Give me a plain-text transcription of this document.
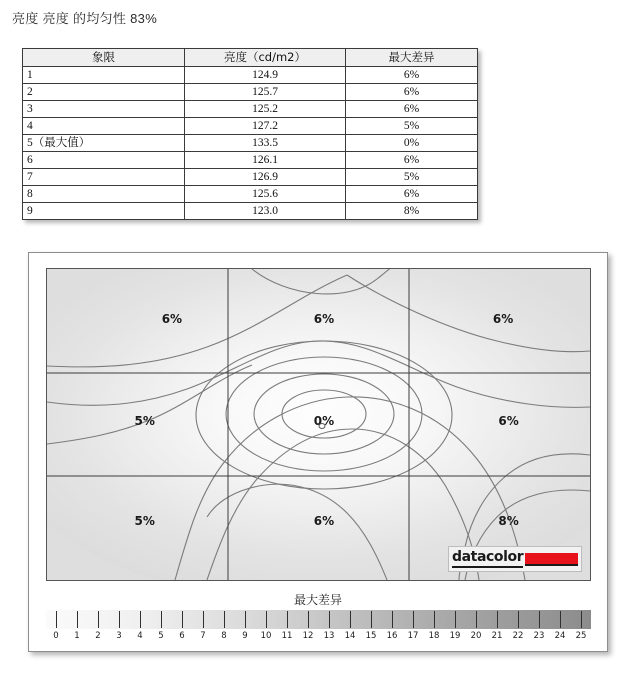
亮度 亮度 的均匀性 83%
象限	亮度（cd/m2）	最大差异
1	124.9	6%
2	125.7	6%
3	125.2	6%
4	127.2	5%
5（最大值）	133.5	0%
6	126.1	6%
7	126.9	5%
8	125.6	6%
9	123.0	8%
6%	6%	6%
5%	0%	6%
5%	6%	8%
datacolor
最大差异
0 1 2 3 4 5 6 7 8 9 10 11 12 13 14 15 16 17 18 19 20 21 22 23 24 25
